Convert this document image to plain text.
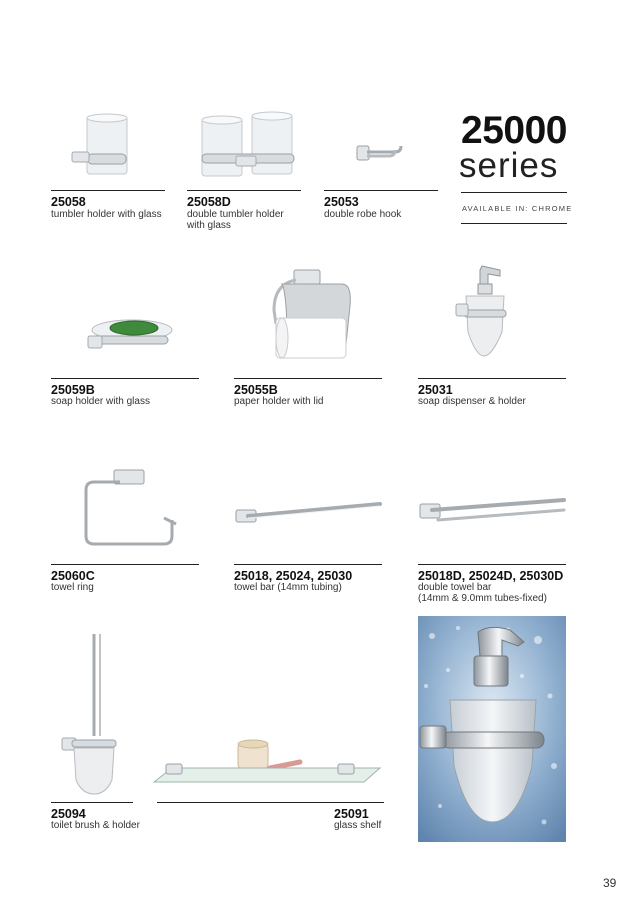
25000
series
AVAILABLE IN: CHROME
25058
tumbler holder with glass
25058D
double tumbler holder
with glass
25053
double robe hook
25059B
soap holder with glass
25055B
paper holder with lid
25031
soap dispenser & holder
25060C
towel ring
25018, 25024, 25030
towel bar (14mm tubing)
25018D, 25024D, 25030D
double towel bar
(14mm & 9.0mm tubes-fixed)
25094
toilet brush & holder
25091
glass shelf
39
